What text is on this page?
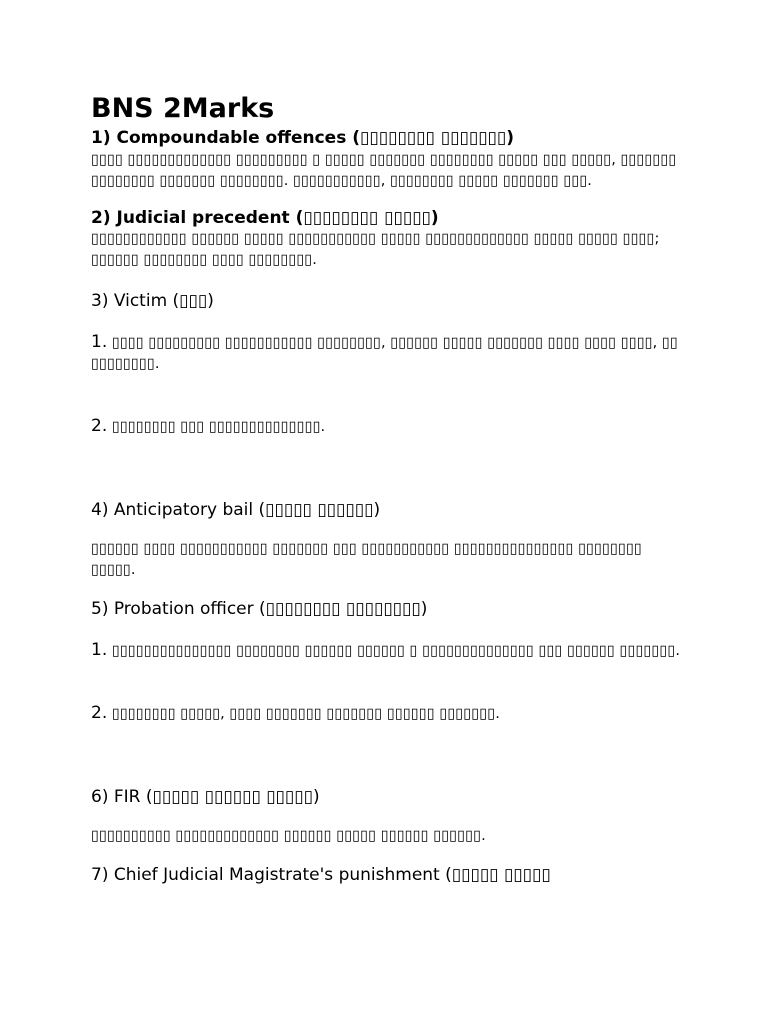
BNS 2Marks
1) Compoundable offences (▯▯▯▯▯▯▯▯ ▯▯▯▯▯▯▯)

▯▯▯▯ ▯▯▯▯▯▯▯▯▯▯▯▯▯ ▯▯▯▯▯▯▯▯▯ ▯ ▯▯▯▯▯ ▯▯▯▯▯▯▯ ▯▯▯▯▯▯▯▯ ▯▯▯▯▯ ▯▯▯ ▯▯▯▯▯, ▯▯▯▯▯▯▯ ▯▯▯▯▯▯▯▯ ▯▯▯▯▯▯▯ ▯▯▯▯▯▯▯▯. ▯▯▯▯▯▯▯▯▯▯▯, ▯▯▯▯▯▯▯▯ ▯▯▯▯▯ ▯▯▯▯▯▯▯ ▯▯▯.

2) Judicial precedent (▯▯▯▯▯▯▯▯ ▯▯▯▯▯)

▯▯▯▯▯▯▯▯▯▯▯▯ ▯▯▯▯▯▯ ▯▯▯▯▯ ▯▯▯▯▯▯▯▯▯▯▯ ▯▯▯▯▯ ▯▯▯▯▯▯▯▯▯▯▯▯▯ ▯▯▯▯▯ ▯▯▯▯▯ ▯▯▯▯; ▯▯▯▯▯▯ ▯▯▯▯▯▯▯▯ ▯▯▯▯ ▯▯▯▯▯▯▯▯.

3) Victim (▯▯▯)

1. ▯▯▯▯ ▯▯▯▯▯▯▯▯▯ ▯▯▯▯▯▯▯▯▯▯▯ ▯▯▯▯▯▯▯▯, ▯▯▯▯▯▯ ▯▯▯▯▯ ▯▯▯▯▯▯▯ ▯▯▯▯ ▯▯▯▯ ▯▯▯▯, ▯▯ ▯▯▯▯▯▯▯▯.

2. ▯▯▯▯▯▯▯▯ ▯▯▯ ▯▯▯▯▯▯▯▯▯▯▯▯▯▯.

4) Anticipatory bail (▯▯▯▯▯ ▯▯▯▯▯▯)

▯▯▯▯▯▯ ▯▯▯▯ ▯▯▯▯▯▯▯▯▯▯▯ ▯▯▯▯▯▯▯ ▯▯▯ ▯▯▯▯▯▯▯▯▯▯▯ ▯▯▯▯▯▯▯▯▯▯▯▯▯▯▯ ▯▯▯▯▯▯▯▯ ▯▯▯▯▯.

5) Probation officer (▯▯▯▯▯▯▯▯ ▯▯▯▯▯▯▯▯)

1. ▯▯▯▯▯▯▯▯▯▯▯▯▯▯▯ ▯▯▯▯▯▯▯▯ ▯▯▯▯▯▯ ▯▯▯▯▯▯ ▯ ▯▯▯▯▯▯▯▯▯▯▯▯▯▯ ▯▯▯ ▯▯▯▯▯▯ ▯▯▯▯▯▯▯.

2. ▯▯▯▯▯▯▯▯ ▯▯▯▯▯, ▯▯▯▯ ▯▯▯▯▯▯▯ ▯▯▯▯▯▯▯ ▯▯▯▯▯▯ ▯▯▯▯▯▯▯.

6) FIR (▯▯▯▯▯ ▯▯▯▯▯▯ ▯▯▯▯▯)

▯▯▯▯▯▯▯▯▯▯ ▯▯▯▯▯▯▯▯▯▯▯▯▯ ▯▯▯▯▯▯ ▯▯▯▯▯ ▯▯▯▯▯▯ ▯▯▯▯▯▯.

7) Chief Judicial Magistrate's punishment (▯▯▯▯▯ ▯▯▯▯▯
